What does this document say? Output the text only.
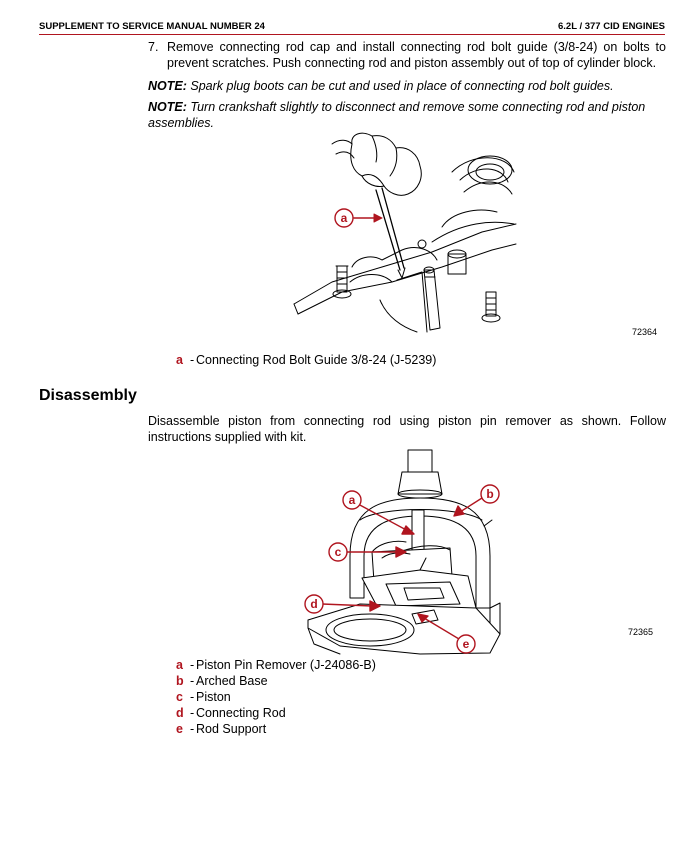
SUPPLEMENT TO SERVICE MANUAL NUMBER 24	6.2L / 377 CID ENGINES
7. Remove connecting rod cap and install connecting rod bolt guide (3/8-24) on bolts to prevent scratches. Push connecting rod and piston assembly out of top of cylinder block.
NOTE: Spark plug boots can be cut and used in place of connecting rod bolt guides.
NOTE: Turn crankshaft slightly to disconnect and remove some connecting rod and piston assemblies.
a
72364
a - Connecting Rod Bolt Guide 3/8-24 (J-5239)
Disassembly
Disassemble piston from connecting rod using piston pin remover as shown. Follow instructions supplied with kit.
a	b
c
d
e
72365
a - Piston Pin Remover (J-24086-B)
b - Arched Base
c - Piston
d - Connecting Rod
e - Rod Support
